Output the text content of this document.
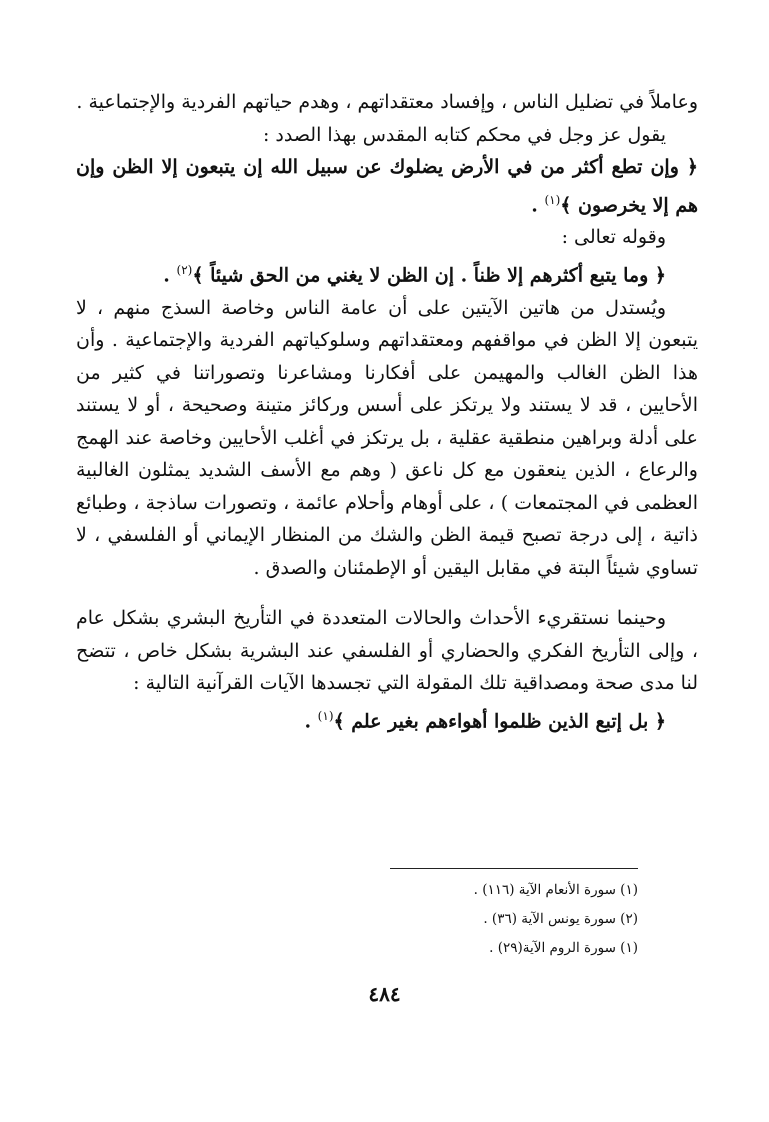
وعاملاً في تضليل الناس ، وإفساد معتقداتهم ، وهدم حياتهم الفردية والإجتماعية .

يقول عز وجل في محكم كتابه المقدس بهذا الصدد :

﴿ وإن تطع أكثر من في الأرض يضلوك عن سبيل الله إن يتبعون إلا الظن وإن هم إلا يخرصون ﴾$^{(١)}$ .

وقوله تعالى :

﴿ وما يتبع أكثرهم إلا ظناً . إن الظن لا يغني من الحق شيئاً ﴾$^{(٢)}$ .

ويُستدل من هاتين الآيتين على أن عامة الناس وخاصة السذج منهم ، لا يتبعون إلا الظن في مواقفهم ومعتقداتهم وسلوكياتهم الفردية والإجتماعية . وأن هذا الظن الغالب والمهيمن على أفكارنا ومشاعرنا وتصوراتنا في كثير من الأحايين ، قد لا يستند ولا يرتكز على أسس وركائز متينة وصحيحة ، أو لا يستند على أدلة وبراهين منطقية عقلية ، بل يرتكز في أغلب الأحايين وخاصة عند الهمج والرعاع ، الذين ينعقون مع كل ناعق ( وهم مع الأسف الشديد يمثلون الغالبية العظمى في المجتمعات ) ، على أوهام وأحلام عائمة ، وتصورات ساذجة ، وطبائع ذاتية ، إلى درجة تصبح قيمة الظن والشك من المنظار الإيماني أو الفلسفي ، لا تساوي شيئاً البتة في مقابل اليقين أو الإطمئنان والصدق .

وحينما نستقريء الأحداث والحالات المتعددة في التأريخ البشري بشكل عام ، وإلى التأريخ الفكري والحضاري أو الفلسفي عند البشرية بشكل خاص ، تتضح لنا مدى صحة ومصداقية تلك المقولة التي تجسدها الآيات القرآنية التالية :

﴿ بل إتبع الذين ظلموا أهواءهم بغير علم ﴾$^{(١)}$ .

(١) سورة الأنعام الآية (١١٦) .

(٢) سورة يونس الآية (٣٦) .

(١) سورة الروم الآية(٢٩) .

٤٨٤
